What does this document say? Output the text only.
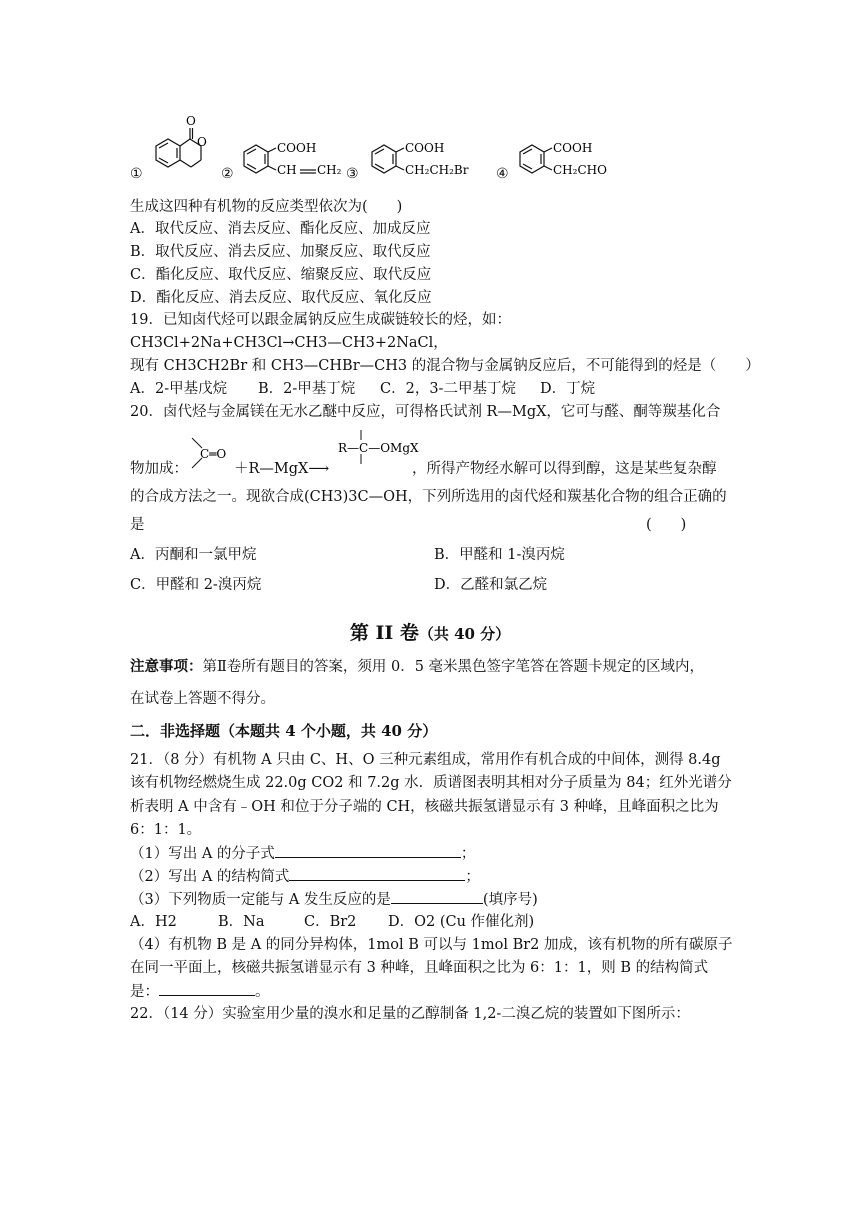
O
O	COOH
CH CH₂
COOH
CH₂CH₂Br
COOH
CH₂CHO
①	②	③	④
生成这四种有机物的反应类型依次为(　　)
A．取代反应、消去反应、酯化反应、加成反应
B．取代反应、消去反应、加聚反应、取代反应
C．酯化反应、取代反应、缩聚反应、取代反应
D．酯化反应、消去反应、取代反应、氧化反应
19．已知卤代烃可以跟金属钠反应生成碳链较长的烃，如：
CH3Cl+2Na+CH3Cl→CH3—CH3+2NaCl，
现有 CH3CH2Br 和 CH3—CHBr—CH3 的混合物与金属钠反应后，不可能得到的烃是（　　）
A．2-甲基戊烷 B．2-甲基丁烷 C．2，3-二甲基丁烷 D．丁烷
20．卤代烃与金属镁在无水乙醚中反应，可得格氏试剂 R—MgX，它可与醛、酮等羰基化合
物加成：
C═O
＋R—MgX⟶
R—C—OMgX
，所得产物经水解可以得到醇，这是某些复杂醇
的合成方法之一。现欲合成(CH3)3C—OH，下列所选用的卤代烃和羰基化合物的组合正确的
是	(　　)
A．丙酮和一氯甲烷	B．甲醛和 1-溴丙烷
C．甲醛和 2-溴丙烷	D．乙醛和氯乙烷
第 II 卷（共 40 分）
注意事项：第Ⅱ卷所有题目的答案，须用 0．5 毫米黑色签字笔答在答题卡规定的区域内，
在试卷上答题不得分。
二．非选择题（本题共 4 个小题，共 40 分）
21．（8 分）有机物 A 只由 C、H、O 三种元素组成，常用作有机合成的中间体，测得 8.4g
该有机物经燃烧生成 22.0g CO2 和 7.2g 水．质谱图表明其相对分子质量为 84；红外光谱分
析表明 A 中含有﹣OH 和位于分子端的 CH，核磁共振氢谱显示有 3 种峰，且峰面积之比为
6：1：1。
（1）写出 A 的分子式	；
（2）写出 A 的结构简式	；
（3）下列物质一定能与 A 发生反应的是	(填序号)
A．H2	B．Na	C．Br2 D．O2 (Cu 作催化剂)
（4）有机物 B 是 A 的同分异构体，1mol B 可以与 1mol Br2 加成，该有机物的所有碳原子
在同一平面上，核磁共振氢谱显示有 3 种峰，且峰面积之比为 6：1：1，则 B 的结构简式
是：	。
22．（14 分）实验室用少量的溴水和足量的乙醇制备 1,2-二溴乙烷的装置如下图所示：
